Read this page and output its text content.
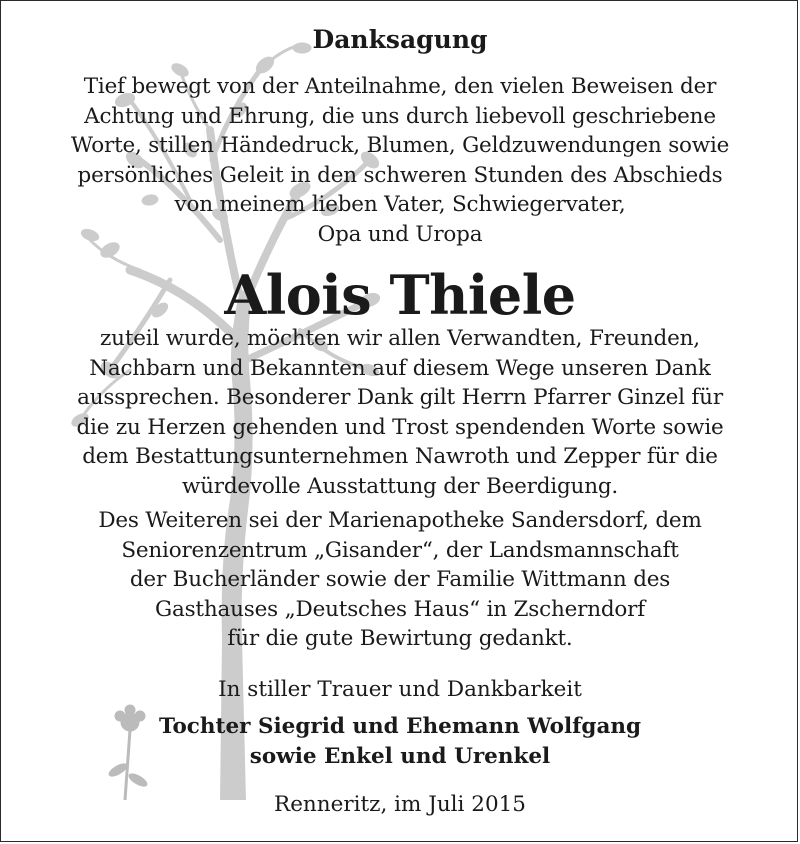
Danksagung
Tief bewegt von der Anteilnahme, den vielen Beweisen der
Achtung und Ehrung, die uns durch liebevoll geschriebene
Worte, stillen Händedruck, Blumen, Geldzuwendungen sowie
persönliches Geleit in den schweren Stunden des Abschieds
von meinem lieben Vater, Schwiegervater,
Opa und Uropa
Alois Thiele
zuteil wurde, möchten wir allen Verwandten, Freunden,
Nachbarn und Bekannten auf diesem Wege unseren Dank
aussprechen. Besonderer Dank gilt Herrn Pfarrer Ginzel für
die zu Herzen gehenden und Trost spendenden Worte sowie
dem Bestattungsunternehmen Nawroth und Zepper für die
würdevolle Ausstattung der Beerdigung.
Des Weiteren sei der Marienapotheke Sandersdorf, dem
Seniorenzentrum „Gisander“, der Landsmannschaft
der Bucherländer sowie der Familie Wittmann des
Gasthauses „Deutsches Haus“ in Zscherndorf
für die gute Bewirtung gedankt.
In stiller Trauer und Dankbarkeit
Tochter Siegrid und Ehemann Wolfgang
sowie Enkel und Urenkel
Renneritz, im Juli 2015
